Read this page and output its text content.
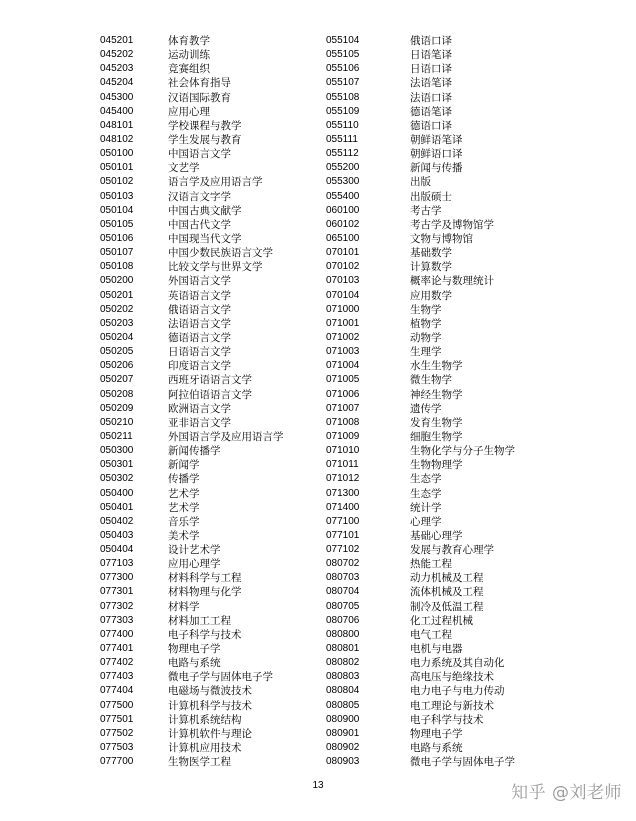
045201	体育教学
045202	运动训练
045203	竞赛组织
045204	社会体育指导
045300	汉语国际教育
045400	应用心理
048101	学校课程与教学
048102	学生发展与教育
050100	中国语言文学
050101	文艺学
050102	语言学及应用语言学
050103	汉语言文字学
050104	中国古典文献学
050105	中国古代文学
050106	中国现当代文学
050107	中国少数民族语言文学
050108	比较文学与世界文学
050200	外国语言文学
050201	英语语言文学
050202	俄语语言文学
050203	法语语言文学
050204	德语语言文学
050205	日语语言文学
050206	印度语言文学
050207	西班牙语语言文学
050208	阿拉伯语语言文学
050209	欧洲语言文学
050210	亚非语言文学
050211	外国语言学及应用语言学
050300	新闻传播学
050301	新闻学
050302	传播学
050400	艺术学
050401	艺术学
050402	音乐学
050403	美术学
050404	设计艺术学
077103	应用心理学
077300	材料科学与工程
077301	材料物理与化学
077302	材料学
077303	材料加工工程
077400	电子科学与技术
077401	物理电子学
077402	电路与系统
077403	微电子学与固体电子学
077404	电磁场与微波技术
077500	计算机科学与技术
077501	计算机系统结构
077502	计算机软件与理论
077503	计算机应用技术
077700	生物医学工程
055104	俄语口译
055105	日语笔译
055106	日语口译
055107	法语笔译
055108	法语口译
055109	德语笔译
055110	德语口译
055111	朝鲜语笔译
055112	朝鲜语口译
055200	新闻与传播
055300	出版
055400	出版硕士
060100	考古学
060102	考古学及博物馆学
065100	文物与博物馆
070101	基础数学
070102	计算数学
070103	概率论与数理统计
070104	应用数学
071000	生物学
071001	植物学
071002	动物学
071003	生理学
071004	水生生物学
071005	微生物学
071006	神经生物学
071007	遗传学
071008	发育生物学
071009	细胞生物学
071010	生物化学与分子生物学
071011	生物物理学
071012	生态学
071300	生态学
071400	统计学
077100	心理学
077101	基础心理学
077102	发展与教育心理学
080702	热能工程
080703	动力机械及工程
080704	流体机械及工程
080705	制冷及低温工程
080706	化工过程机械
080800	电气工程
080801	电机与电器
080802	电力系统及其自动化
080803	高电压与绝缘技术
080804	电力电子与电力传动
080805	电工理论与新技术
080900	电子科学与技术
080901	物理电子学
080902	电路与系统
080903	微电子学与固体电子学
13	知乎 @刘老师
